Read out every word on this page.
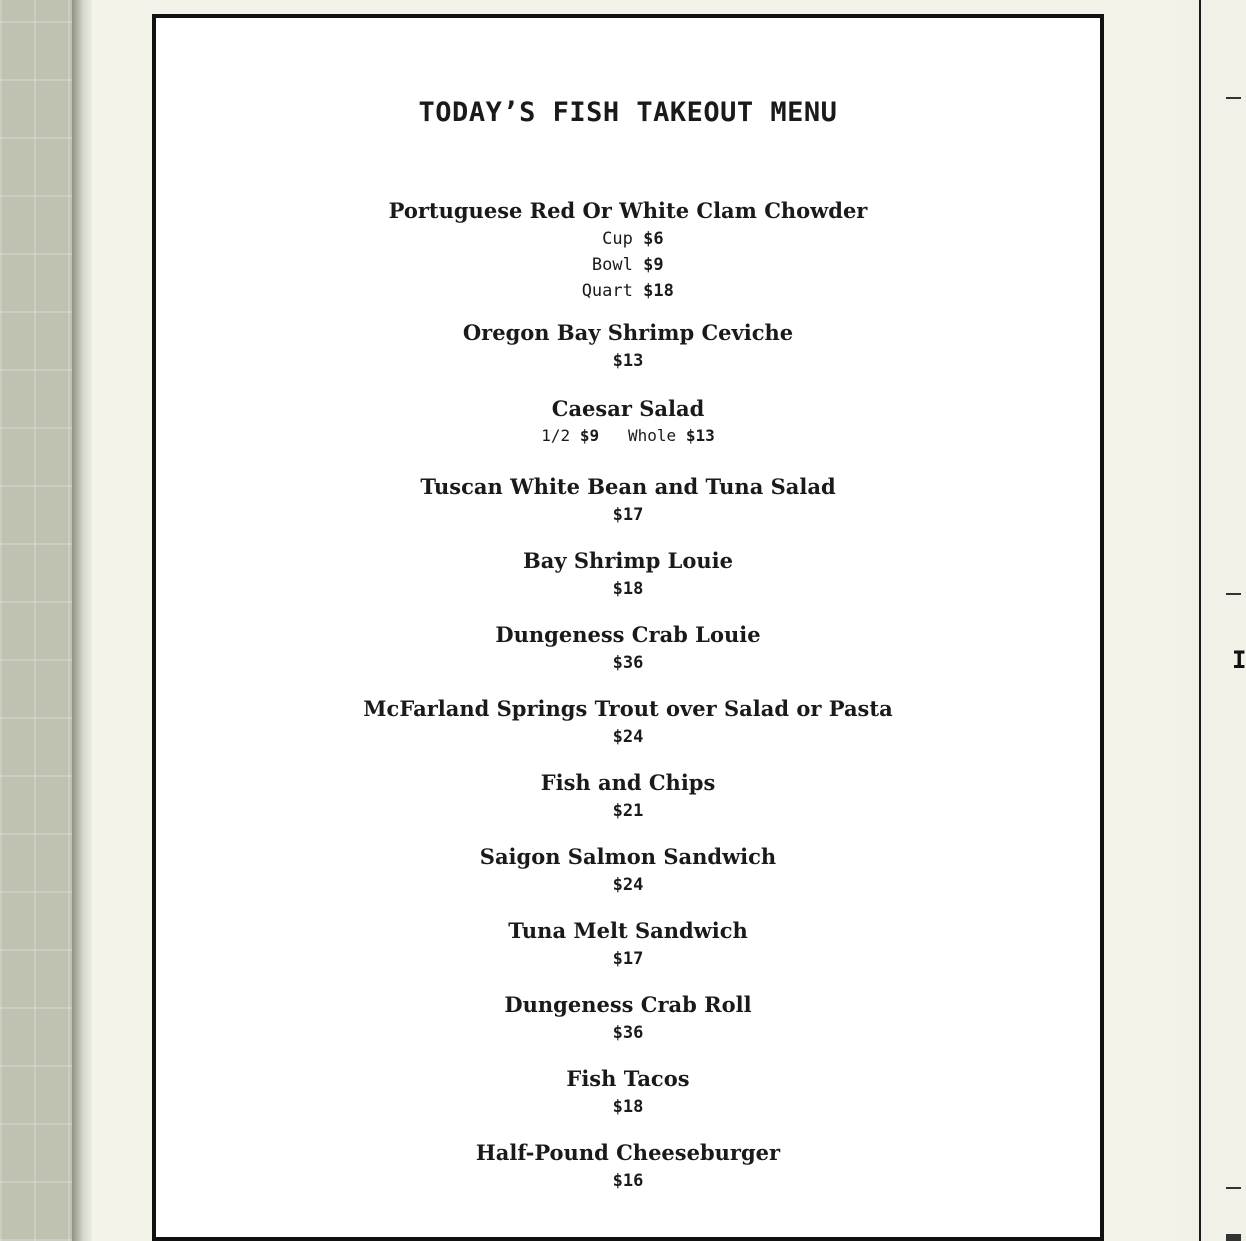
I
TODAY’S FISH TAKEOUT MENU
Portuguese Red Or White Clam Chowder
Cup $6
Bowl $9
Quart $18
Oregon Bay Shrimp Ceviche
$13
Caesar Salad
1/2 $9 Whole $13
Tuscan White Bean and Tuna Salad
$17
Bay Shrimp Louie
$18
Dungeness Crab Louie
$36
McFarland Springs Trout over Salad or Pasta
$24
Fish and Chips
$21
Saigon Salmon Sandwich
$24
Tuna Melt Sandwich
$17
Dungeness Crab Roll
$36
Fish Tacos
$18
Half-Pound Cheeseburger
$16
